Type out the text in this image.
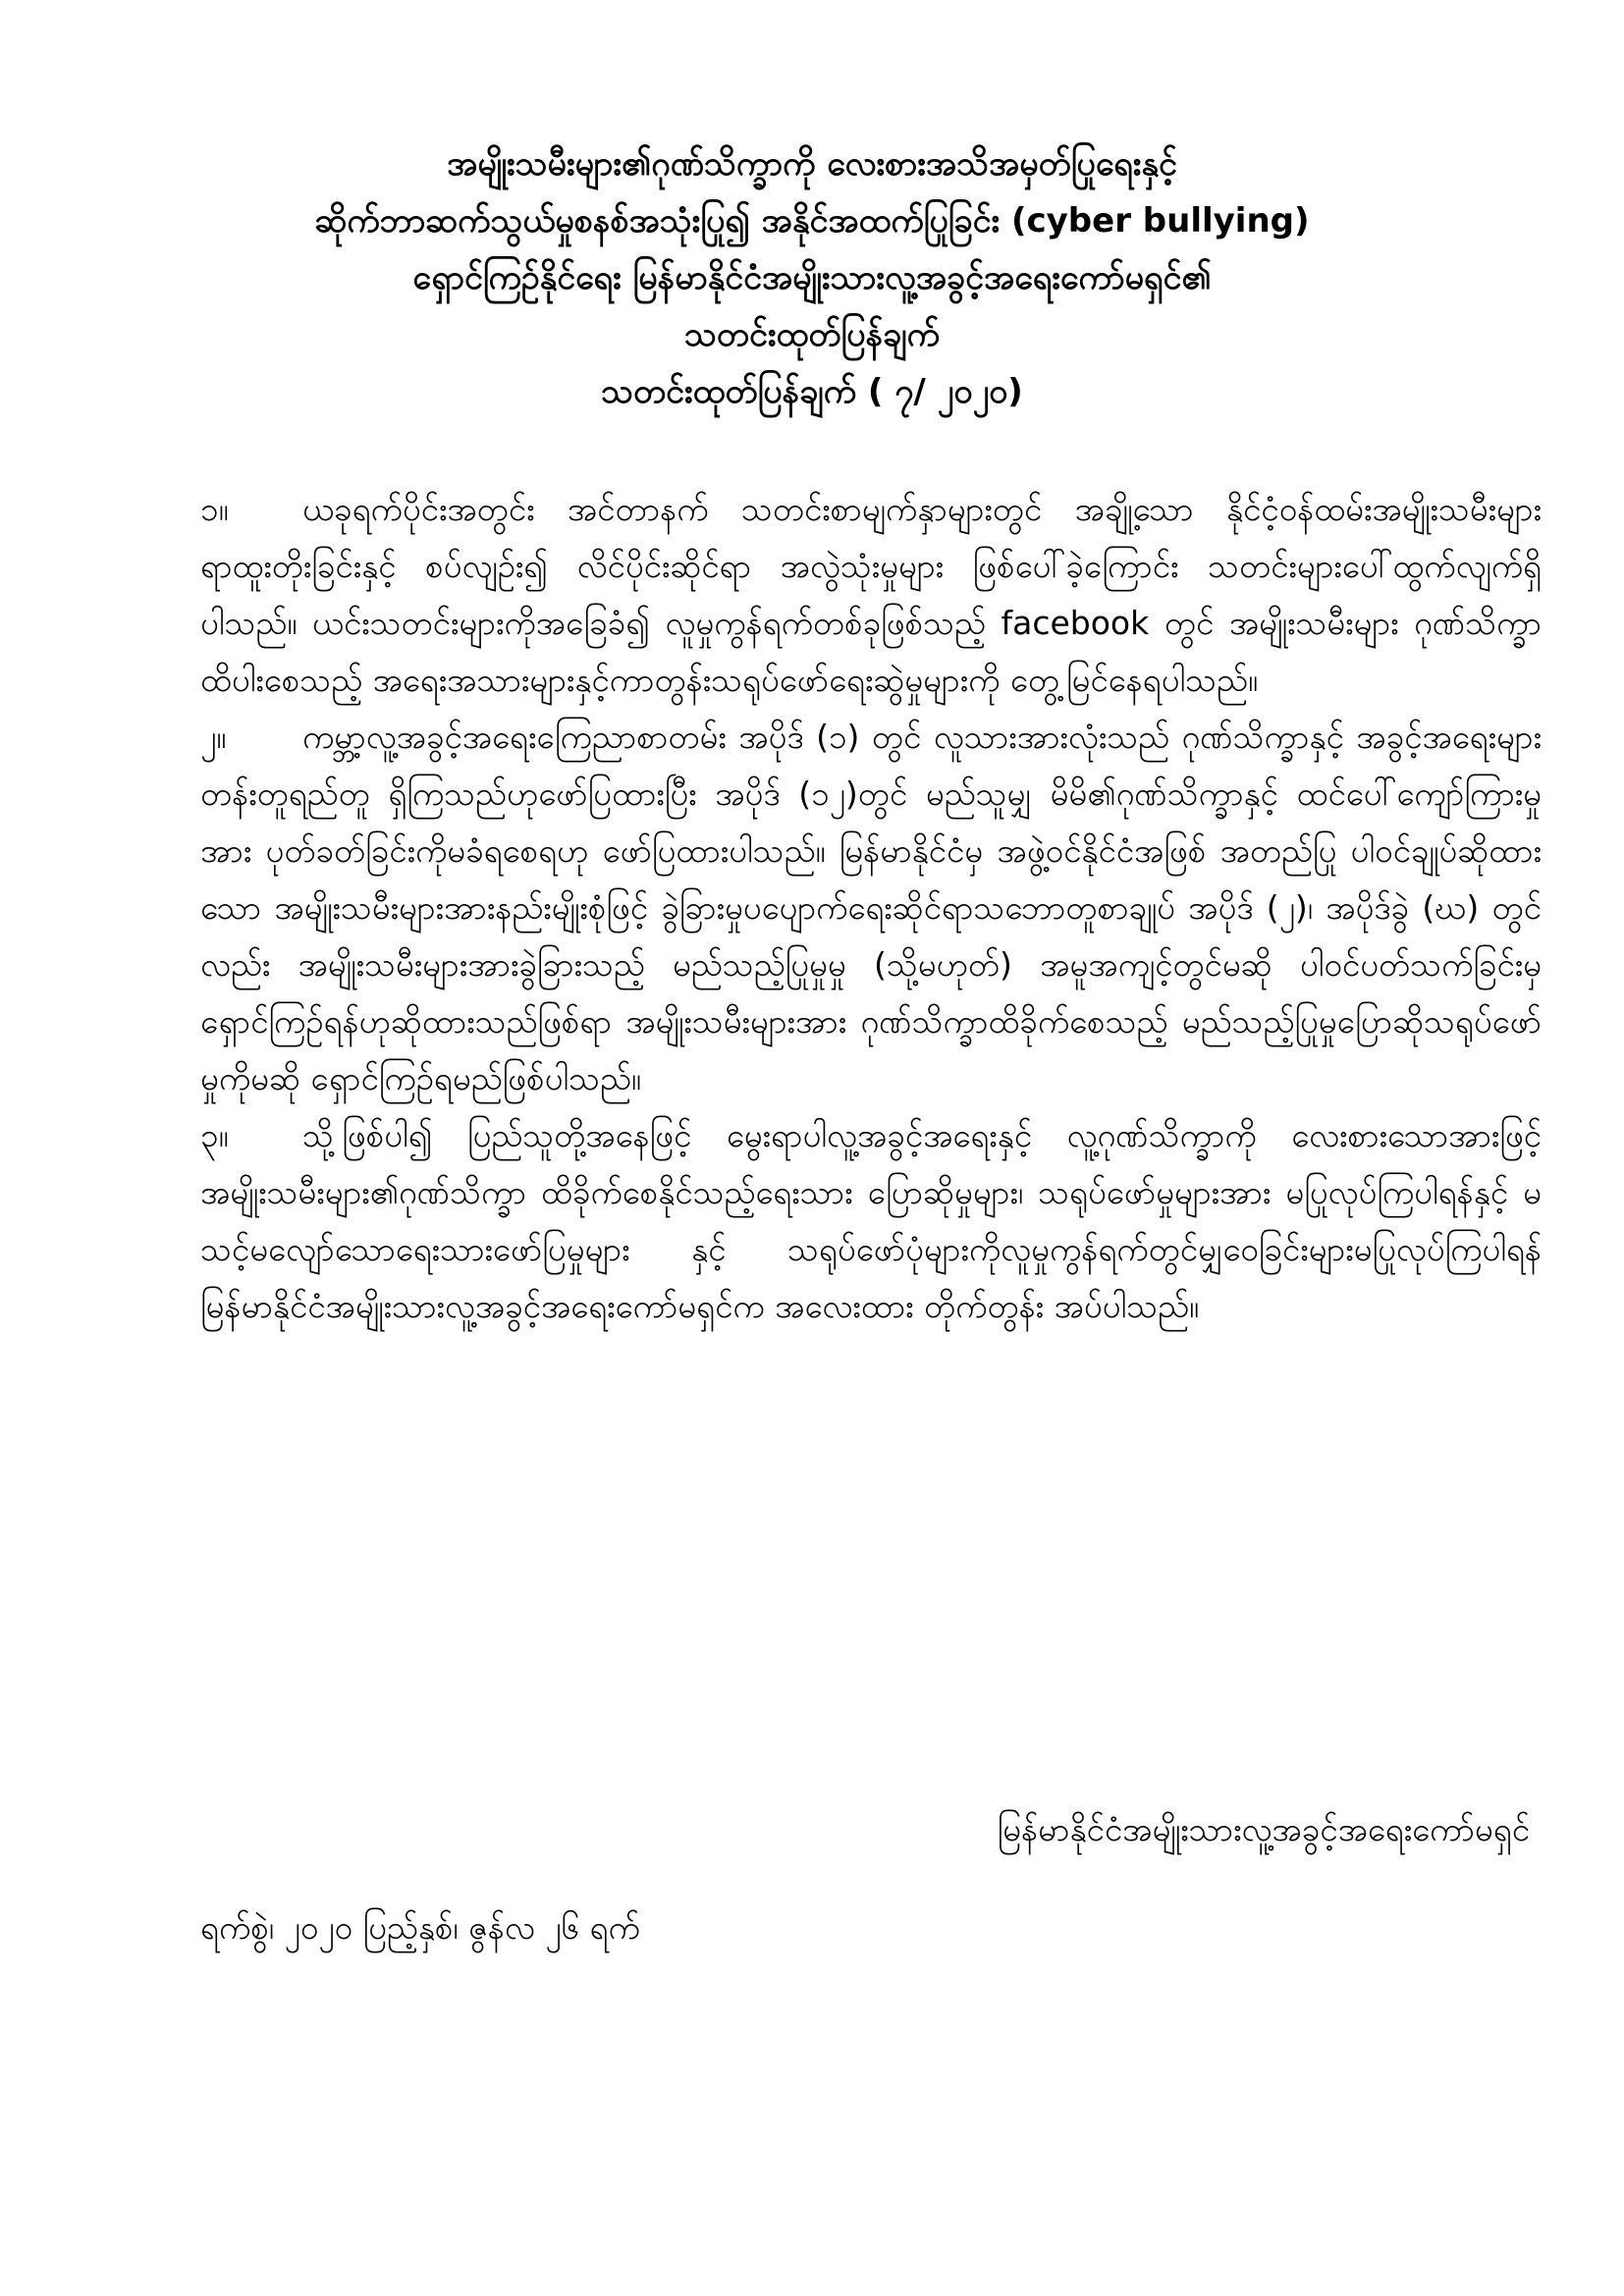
အမျိုးသမီးများ၏ဂုဏ်သိက္ခာကို လေးစားအသိအမှတ်ပြုရေးနှင့်
ဆိုက်ဘာဆက်သွယ်မှုစနစ်အသုံးပြု၍ အနိုင်အထက်ပြုခြင်း (cyber bullying)
ရှောင်ကြဉ်နိုင်ရေး မြန်မာနိုင်ငံအမျိုးသားလူ့အခွင့်အရေးကော်မရှင်၏
သတင်းထုတ်ပြန်ချက်
သတင်းထုတ်ပြန်ချက် ( ၇/ ၂၀၂၀)

၁။ ယခုရက်ပိုင်းအတွင်း အင်တာနက် သတင်းစာမျက်နှာများတွင် အချို့သော နိုင်ငံ့ဝန်ထမ်းအမျိုးသမီးများ ရာထူးတိုးခြင်းနှင့် စပ်လျဉ်း၍ လိင်ပိုင်းဆိုင်ရာ အလွဲသုံးမှုများ ဖြစ်ပေါ်ခဲ့ကြောင်း သတင်းများပေါ်ထွက်လျက်ရှိပါသည်။ ယင်းသတင်းများကိုအခြေခံ၍ လူမှုကွန်ရက်တစ်ခုဖြစ်သည့် facebook တွင် အမျိုးသမီးများ ဂုဏ်သိက္ခာထိပါးစေသည့် အရေးအသားများနှင့်ကာတွန်းသရုပ်ဖော်ရေးဆွဲမှုများကို တွေ့မြင်နေရပါသည်။

၂။ ကမ္ဘာ့လူ့အခွင့်အရေးကြေညာစာတမ်း အပိုဒ် (၁) တွင် လူသားအားလုံးသည် ဂုဏ်သိက္ခာနှင့် အခွင့်အရေးများတန်းတူရည်တူ ရှိကြသည်ဟုဖော်ပြထားပြီး အပိုဒ် (၁၂)တွင် မည်သူမျှ မိမိ၏ဂုဏ်သိက္ခာနှင့် ထင်ပေါ်ကျော်ကြားမှုအား ပုတ်ခတ်ခြင်းကိုမခံရစေရဟု ဖော်ပြထားပါသည်။ မြန်မာနိုင်ငံမှ အဖွဲ့ဝင်နိုင်ငံအဖြစ် အတည်ပြု ပါဝင်ချုပ်ဆိုထားသော အမျိုးသမီးများအားနည်းမျိုးစုံဖြင့် ခွဲခြားမှုပပျောက်ရေးဆိုင်ရာသဘောတူစာချုပ် အပိုဒ် (၂)၊ အပိုဒ်ခွဲ (ဃ) တွင်လည်း အမျိုးသမီးများအားခွဲခြားသည့် မည်သည့်ပြုမှုမှု (သို့မဟုတ်) အမူအကျင့်တွင်မဆို ပါဝင်ပတ်သက်ခြင်းမှရှောင်ကြဉ်ရန်ဟုဆိုထားသည်ဖြစ်ရာ အမျိုးသမီးများအား ဂုဏ်သိက္ခာထိခိုက်စေသည့် မည်သည့်ပြုမှုပြောဆိုသရုပ်ဖော်မှုကိုမဆို ရှောင်ကြဉ်ရမည်ဖြစ်ပါသည်။

၃။ သို့ဖြစ်ပါ၍ ပြည်သူတို့အနေဖြင့် မွေးရာပါလူ့အခွင့်အရေးနှင့် လူ့ဂုဏ်သိက္ခာကို လေးစားသောအားဖြင့် အမျိုးသမီးများ၏ဂုဏ်သိက္ခာ ထိခိုက်စေနိုင်သည့်ရေးသား ပြောဆိုမှုများ၊ သရုပ်ဖော်မှုများအား မပြုလုပ်ကြပါရန်နှင့် မသင့်မလျော်သောရေးသားဖော်ပြမှုများ နှင့် သရုပ်ဖော်ပုံများကိုလူမှုကွန်ရက်တွင်မျှဝေခြင်းများမပြုလုပ်ကြပါရန် မြန်မာနိုင်ငံအမျိုးသားလူ့အခွင့်အရေးကော်မရှင်က အလေးထား တိုက်တွန်း အပ်ပါသည်။

မြန်မာနိုင်ငံအမျိုးသားလူ့အခွင့်အရေးကော်မရှင်
ရက်စွဲ၊ ၂၀၂၀ ပြည့်နှစ်၊ ဇွန်လ ၂၆ ရက်
